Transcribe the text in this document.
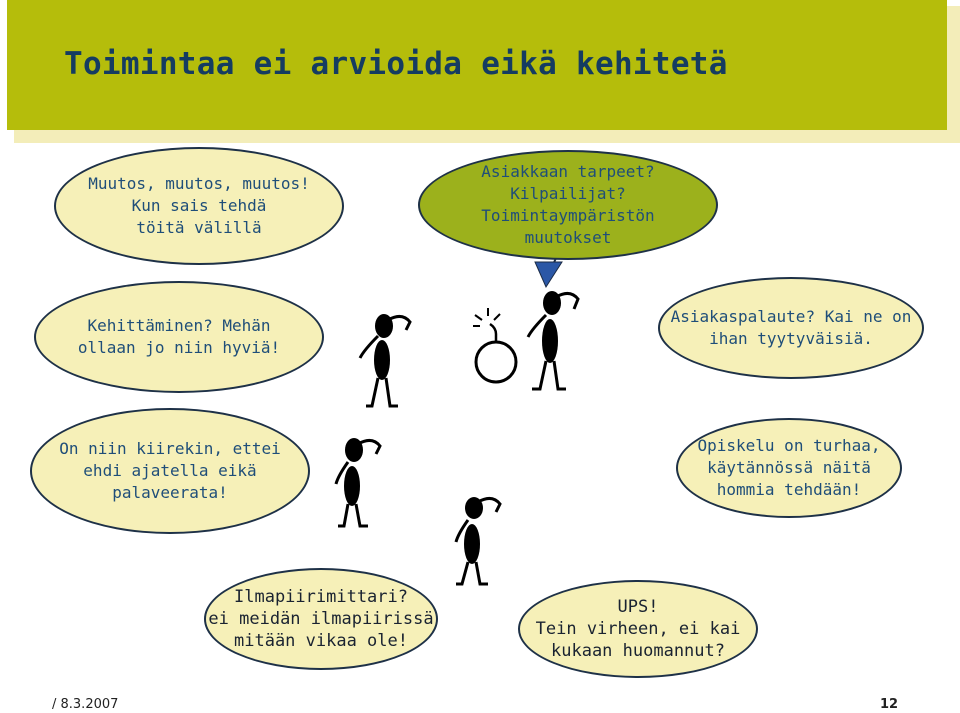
Toimintaa ei arvioida eikä kehitetä
Muutos, muutos, muutos!
Kun sais tehdä
töitä välillä
Asiakkaan tarpeet?
Kilpailijat?
Toimintaympäristön
muutokset
Kehittäminen? Mehän
ollaan jo niin hyviä!
Asiakaspalaute? Kai ne on
ihan tyytyväisiä.
On niin kiirekin, ettei
ehdi ajatella eikä
palaveerata!
Opiskelu on turhaa,
käytännössä näitä
hommia tehdään!
Ilmapiirimittari?
ei meidän ilmapiirissä
mitään vikaa ole!
UPS!
Tein virheen, ei kai
kukaan huomannut?
/ 8.3.2007	12
